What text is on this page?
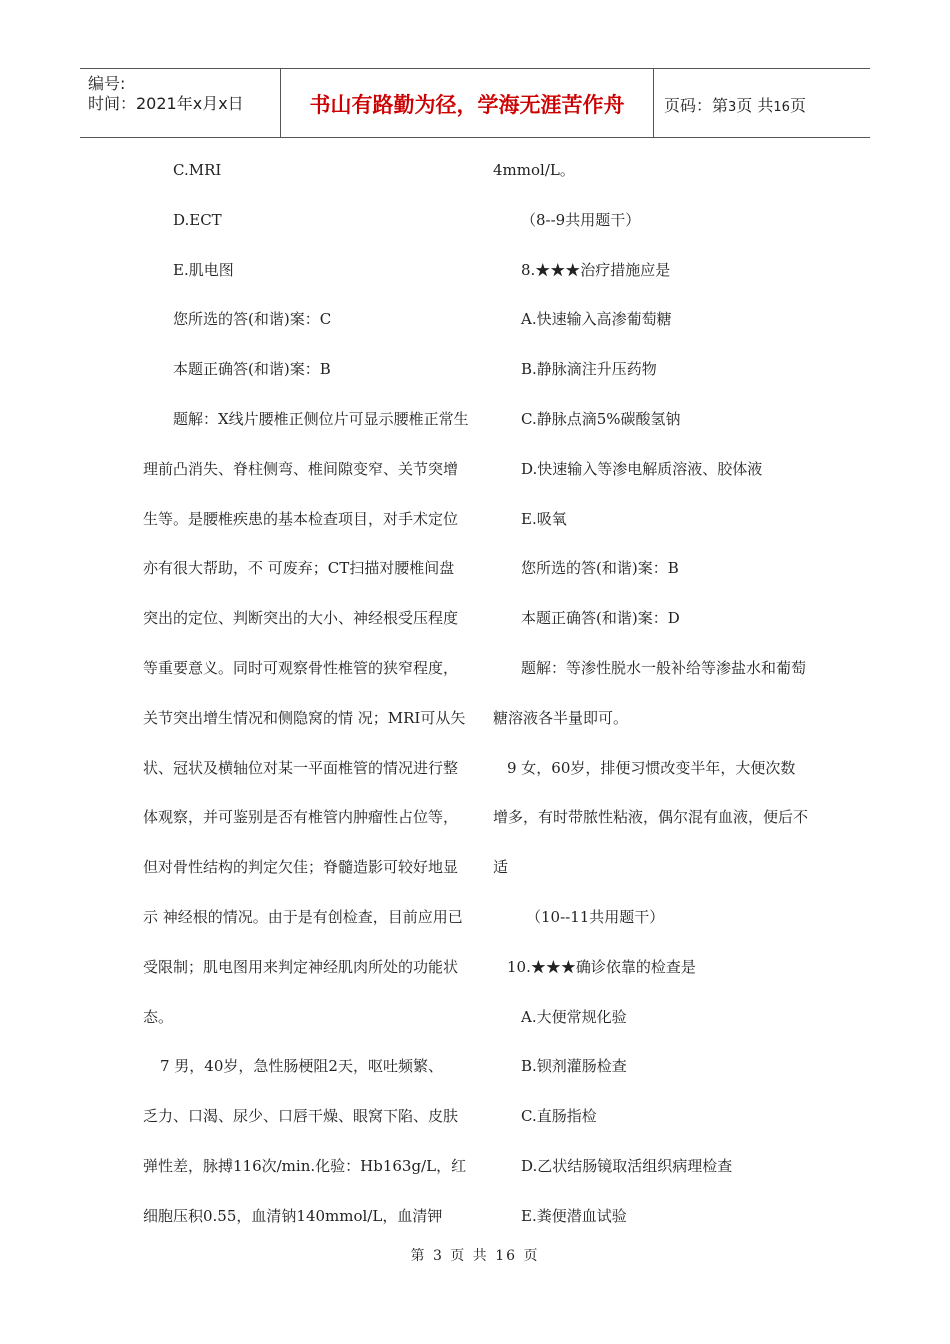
编号:
时间：2021年x月x日	书山有路勤为径，学海无涯苦作舟	页码：第3页 共16页
C.MRI
D.ECT
E.肌电图
您所选的答(和谐)案：C
本题正确答(和谐)案：B
题解：X线片腰椎正侧位片可显示腰椎正常生
理前凸消失、脊柱侧弯、椎间隙变窄、关节突增
生等。是腰椎疾患的基本检查项目，对手术定位
亦有很大帮助，不 可废弃；CT扫描对腰椎间盘
突出的定位、判断突出的大小、神经根受压程度
等重要意义。同时可观察骨性椎管的狭窄程度，
关节突出增生情况和侧隐窝的情 况；MRI可从矢
状、冠状及横轴位对某一平面椎管的情况进行整
体观察，并可鉴别是否有椎管内肿瘤性占位等，
但对骨性结构的判定欠佳；脊髓造影可较好地显
示 神经根的情况。由于是有创检查，目前应用已
受限制；肌电图用来判定神经肌肉所处的功能状
态。
7 男，40岁，急性肠梗阻2天，呕吐频繁、
乏力、口渴、尿少、口唇干燥、眼窝下陷、皮肤
弹性差，脉搏116次/min.化验：Hb163g/L，红
细胞压积0.55，血清钠140mmol/L，血清钾
4mmol/L。
（8--9共用题干）
8.★★★治疗措施应是
A.快速输入高渗葡萄糖
B.静脉滴注升压药物
C.静脉点滴5%碳酸氢钠
D.快速输入等渗电解质溶液、胶体液
E.吸氧
您所选的答(和谐)案：B
本题正确答(和谐)案：D
题解：等渗性脱水一般补给等渗盐水和葡萄
糖溶液各半量即可。
9 女，60岁，排便习惯改变半年，大便次数
增多，有时带脓性粘液，偶尔混有血液，便后不
适
（10--11共用题干）
10.★★★确诊依靠的检查是
A.大便常规化验
B.钡剂灌肠检查
C.直肠指检
D.乙状结肠镜取活组织病理检查
E.粪便潜血试验
第 3 页 共 16 页
